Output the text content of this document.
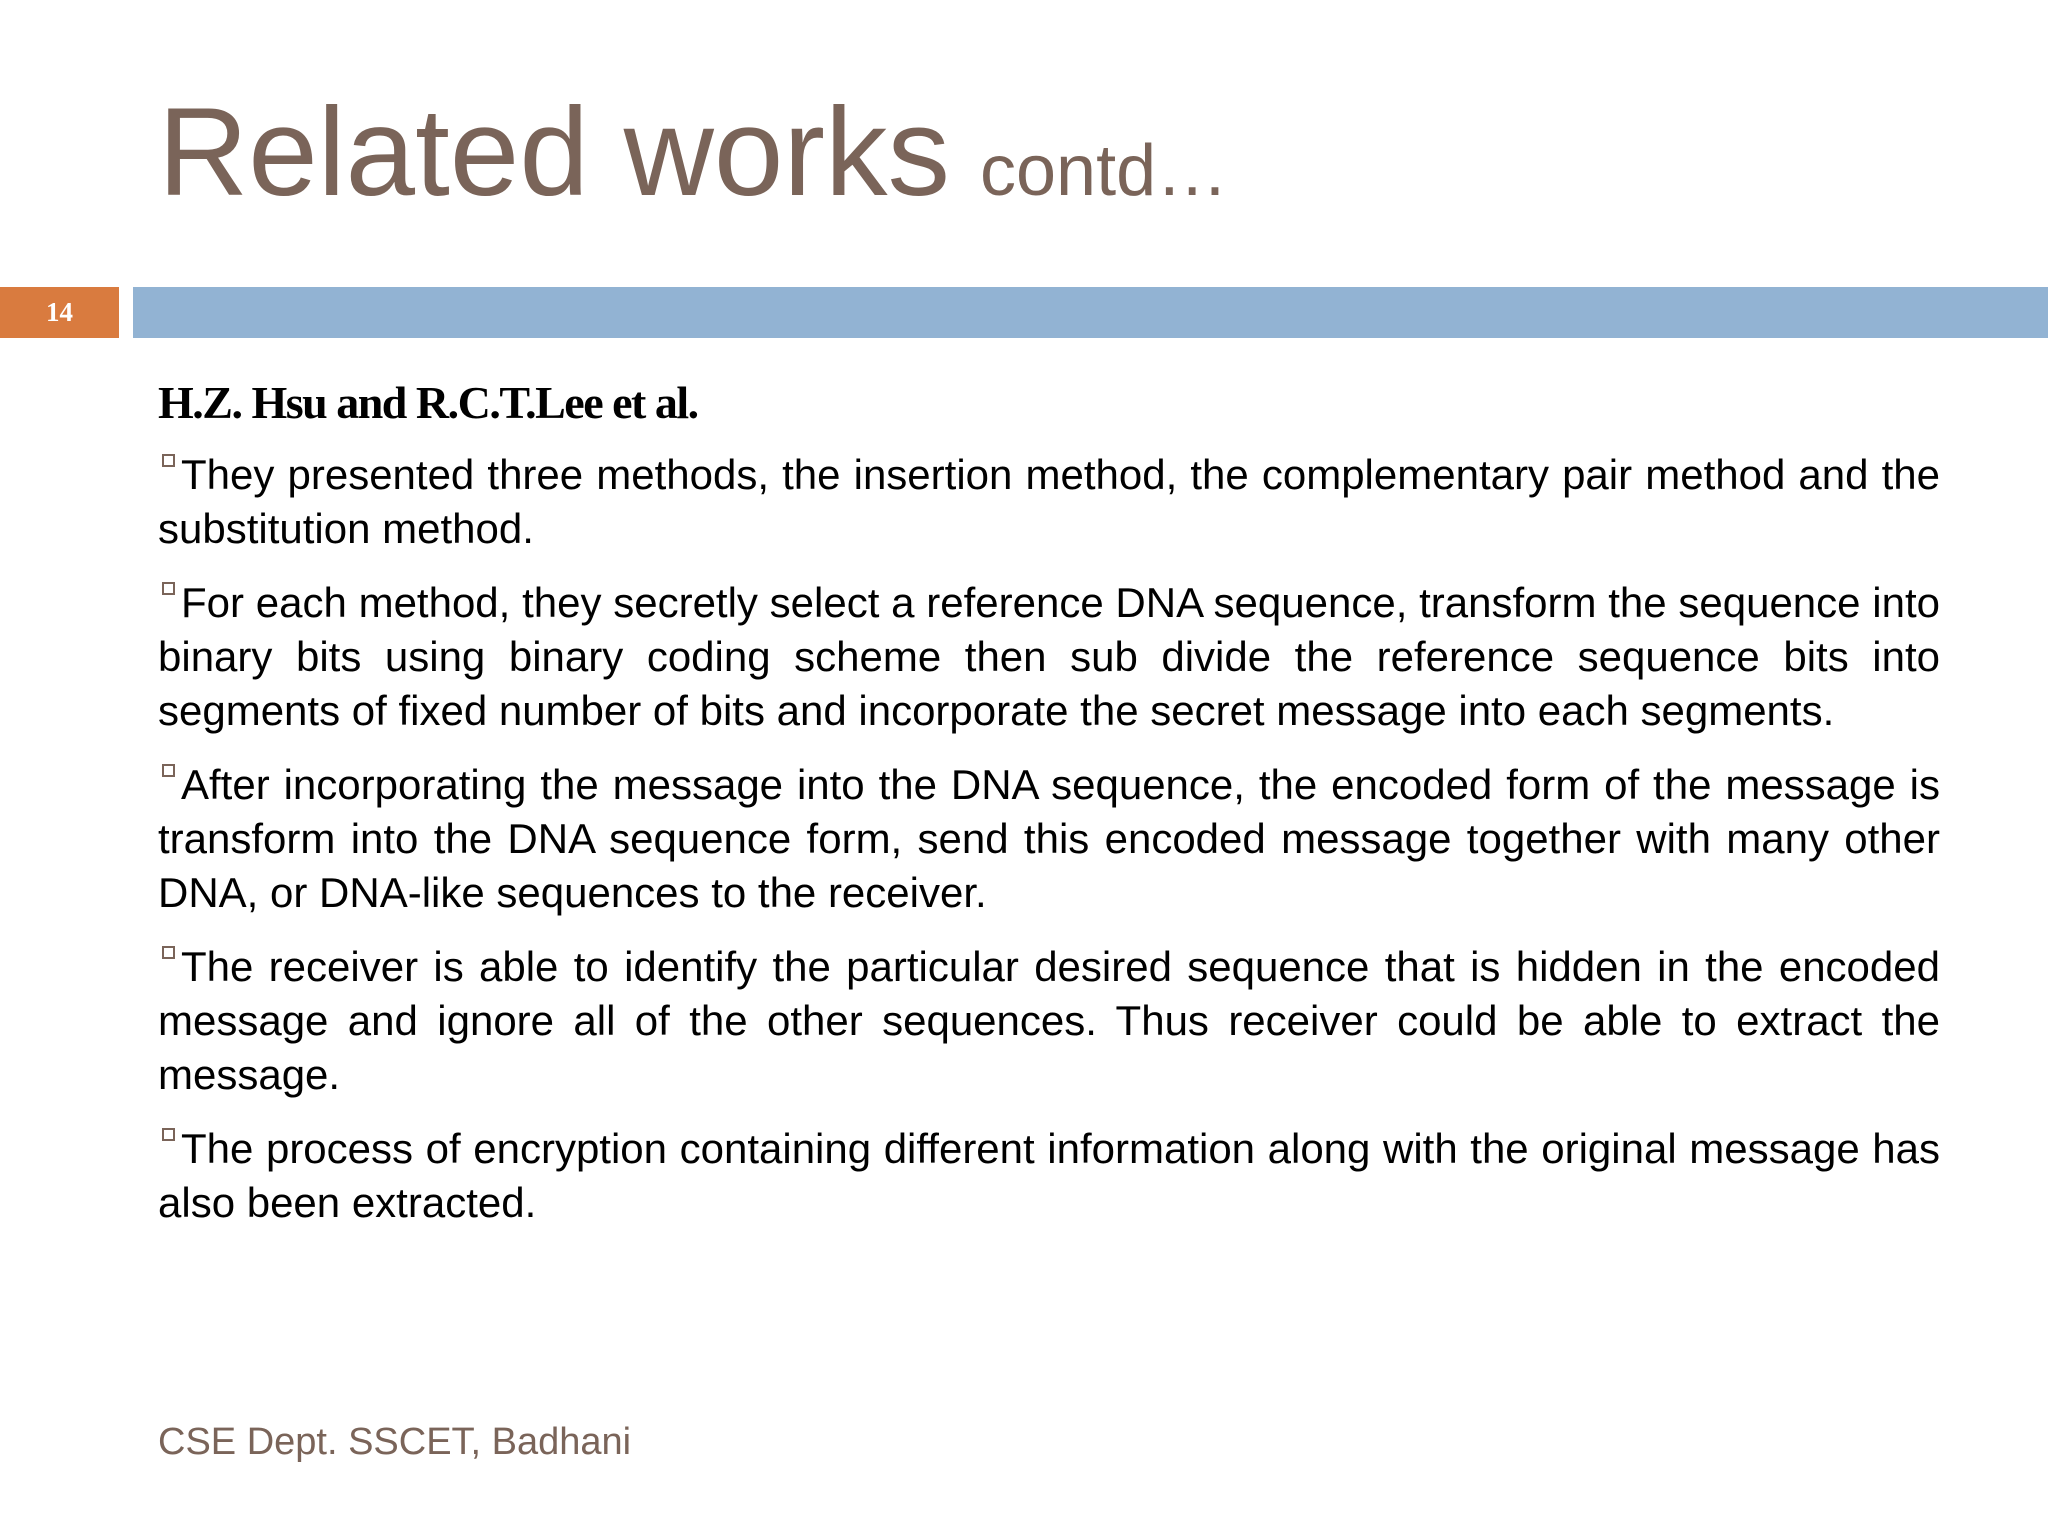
Related works contd…
14
H.Z. Hsu and R.C.T.Lee et al.
They presented three methods, the insertion method, the complementary pair method and the substitution method.
For each method, they secretly select a reference DNA sequence, transform the sequence into binary bits using binary coding scheme then sub divide the reference sequence bits into segments of fixed number of bits and incorporate the secret message into each segments.
After incorporating the message into the DNA sequence, the encoded form of the message is transform into the DNA sequence form, send this encoded message together with many other DNA, or DNA-like sequences to the receiver.
The receiver is able to identify the particular desired sequence that is hidden in the encoded message and ignore all of the other sequences. Thus receiver could be able to extract the message.
The process of encryption containing different information along with the original message has also been extracted.
CSE Dept. SSCET, Badhani
